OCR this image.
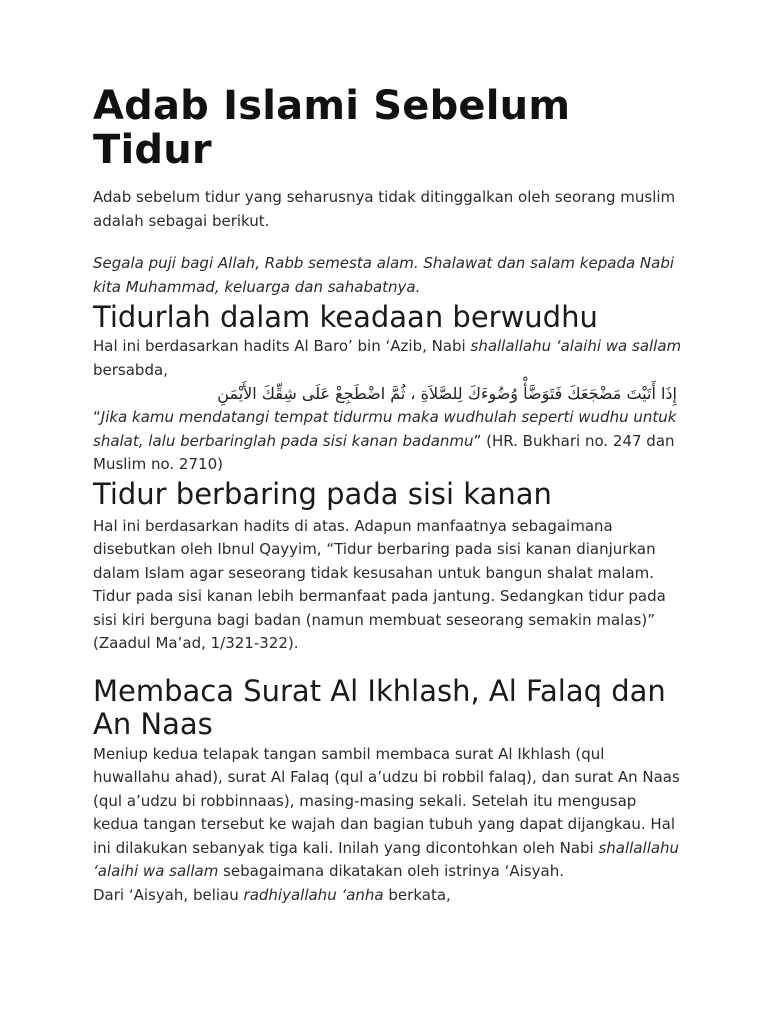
Adab Islami Sebelum Tidur

Adab sebelum tidur yang seharusnya tidak ditinggalkan oleh seorang muslim adalah sebagai berikut.

Segala puji bagi Allah, Rabb semesta alam. Shalawat dan salam kepada Nabi kita Muhammad, keluarga dan sahabatnya.

Tidurlah dalam keadaan berwudhu

Hal ini berdasarkan hadits Al Baro’ bin ‘Azib, Nabi shallallahu ‘alaihi wa sallam bersabda,

إِذَا أَتَيْتَ مَضْجَعَكَ فَتَوَضَّأْ وُضُوءَكَ لِلصَّلاَةِ ، ثُمَّ اضْطَجِعْ عَلَى شِقِّكَ الأَيْمَنِ

“Jika kamu mendatangi tempat tidurmu maka wudhulah seperti wudhu untuk shalat, lalu berbaringlah pada sisi kanan badanmu” (HR. Bukhari no. 247 dan Muslim no. 2710)

Tidur berbaring pada sisi kanan

Hal ini berdasarkan hadits di atas. Adapun manfaatnya sebagaimana disebutkan oleh Ibnul Qayyim, “Tidur berbaring pada sisi kanan dianjurkan dalam Islam agar seseorang tidak kesusahan untuk bangun shalat malam. Tidur pada sisi kanan lebih bermanfaat pada jantung. Sedangkan tidur pada sisi kiri berguna bagi badan (namun membuat seseorang semakin malas)” (Zaadul Ma’ad, 1/321-322).

Membaca Surat Al Ikhlash, Al Falaq dan An Naas

Meniup kedua telapak tangan sambil membaca surat Al Ikhlash (qul huwallahu ahad), surat Al Falaq (qul a’udzu bi robbil falaq), dan surat An Naas (qul a’udzu bi robbinnaas), masing-masing sekali. Setelah itu mengusap kedua tangan tersebut ke wajah dan bagian tubuh yang dapat dijangkau. Hal ini dilakukan sebanyak tiga kali. Inilah yang dicontohkan oleh Nabi shallallahu ‘alaihi wa sallam sebagaimana dikatakan oleh istrinya ‘Aisyah.

Dari ‘Aisyah, beliau radhiyallahu ‘anha berkata,
